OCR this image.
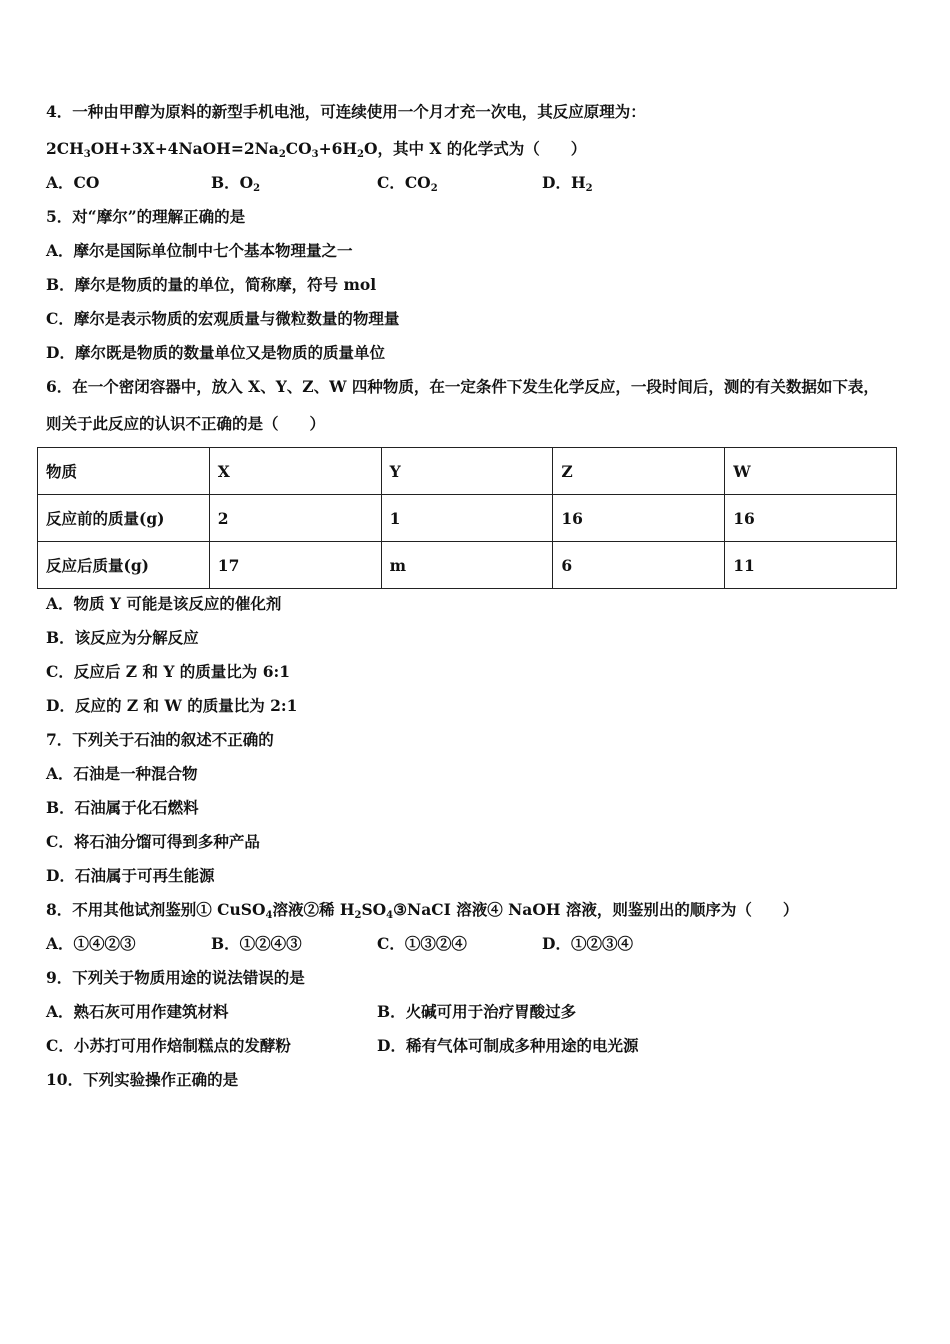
4．一种由甲醇为原料的新型手机电池，可连续使用一个月才充一次电，其反应原理为：
$2CH_3OH+3X+4NaOH=2Na_2CO_3+6H_2O$，其中 X 的化学式为（　　）
A．CO	B．$O_2$	C．$CO_2$	D．$H_2$
5．对“摩尔”的理解正确的是
A．摩尔是国际单位制中七个基本物理量之一
B．摩尔是物质的量的单位，简称摩，符号 mol
C．摩尔是表示物质的宏观质量与微粒数量的物理量
D．摩尔既是物质的数量单位又是物质的质量单位
6．在一个密闭容器中，放入 X、Y、Z、W 四种物质，在一定条件下发生化学反应，一段时间后，测的有关数据如下表，
则关于此反应的认识不正确的是（　　）
物质	X	Y	Z	W
反应前的质量(g)	2	1	16	16
反应后质量(g)	17	m	6	11
A．物质 Y 可能是该反应的催化剂
B．该反应为分解反应
C．反应后 Z 和 Y 的质量比为 6:1
D．反应的 Z 和 W 的质量比为 2:1
7．下列关于石油的叙述不正确的
A．石油是一种混合物
B．石油属于化石燃料
C．将石油分馏可得到多种产品
D．石油属于可再生能源
8．不用其他试剂鉴别① CuSO$_4$溶液②稀 $H_2SO_4③NaCI$ 溶液④ NaOH 溶液，则鉴别出的顺序为（　　）
A．①④②③	B．①②④③	C．①③②④	D．①②③④
9．下列关于物质用途的说法错误的是
A．熟石灰可用作建筑材料	B．火碱可用于治疗胃酸过多
C．小苏打可用作焙制糕点的发酵粉	D．稀有气体可制成多种用途的电光源
10．下列实验操作正确的是
